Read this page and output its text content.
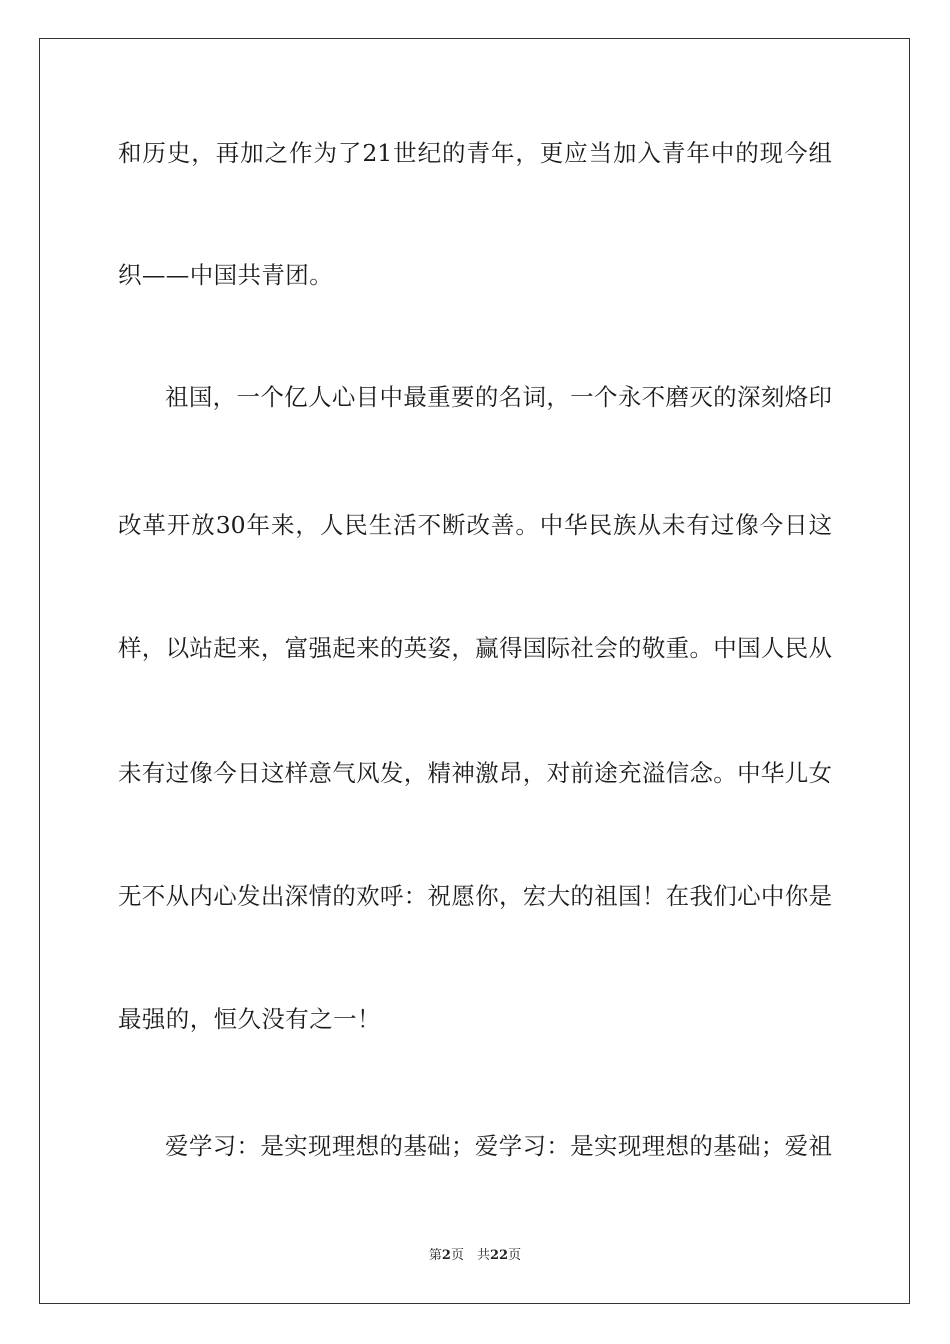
和历史，再加之作为了21世纪的青年，更应当加入青年中的现今组
织——中国共青团。
祖国，一个亿人心目中最重要的名词，一个永不磨灭的深刻烙印
改革开放30年来，人民生活不断改善。中华民族从未有过像今日这
样，以站起来，富强起来的英姿，赢得国际社会的敬重。中国人民从
未有过像今日这样意气风发，精神激昂，对前途充溢信念。中华儿女
无不从内心发出深情的欢呼：祝愿你，宏大的祖国！在我们心中你是
最强的，恒久没有之一！
爱学习：是实现理想的基础；爱学习：是实现理想的基础；爱祖
第2页　共22页
